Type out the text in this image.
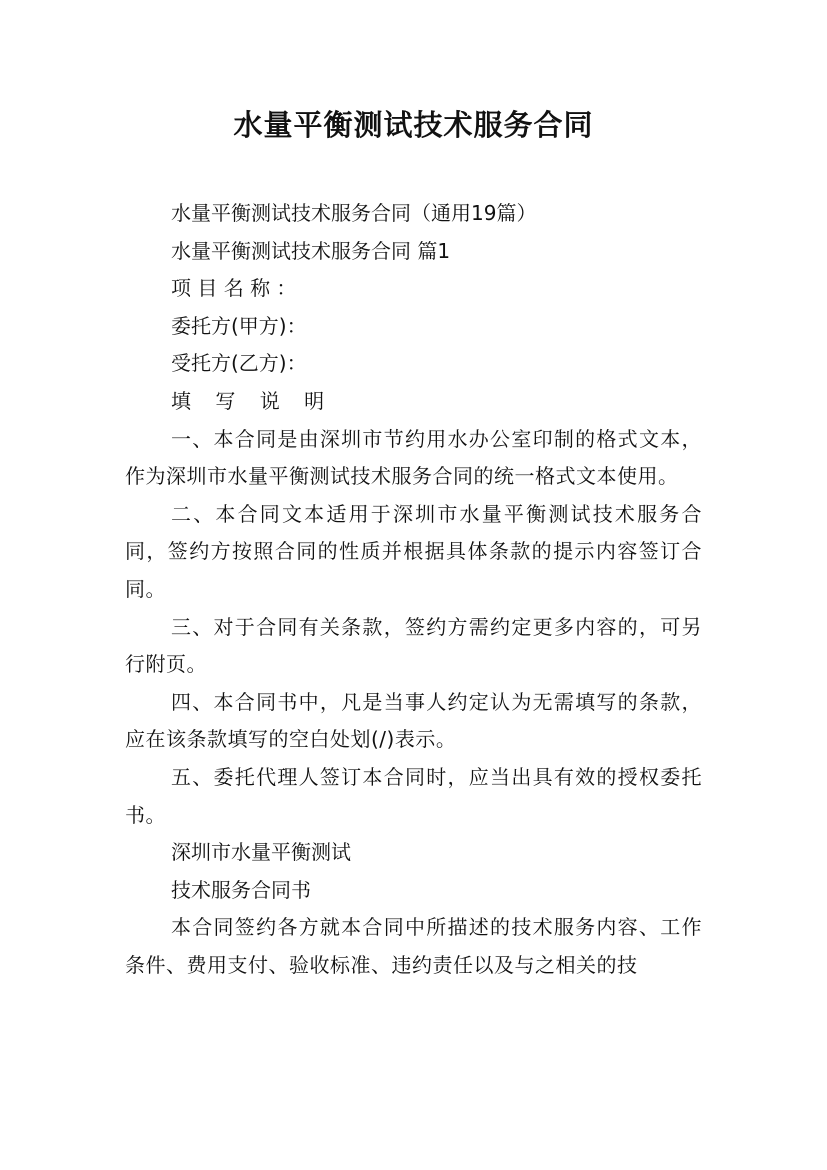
水量平衡测试技术服务合同
水量平衡测试技术服务合同（通用19篇）
水量平衡测试技术服务合同 篇1
项 目 名 称 ：
委托方(甲方)：
受托方(乙方)：
填 写 说 明
一、本合同是由深圳市节约用水办公室印制的格式文本，作为深圳市水量平衡测试技术服务合同的统一格式文本使用。
二、本合同文本适用于深圳市水量平衡测试技术服务合同，签约方按照合同的性质并根据具体条款的提示内容签订合同。
三、对于合同有关条款，签约方需约定更多内容的，可另行附页。
四、本合同书中，凡是当事人约定认为无需填写的条款，应在该条款填写的空白处划(/)表示。
五、委托代理人签订本合同时，应当出具有效的授权委托书。
深圳市水量平衡测试
技术服务合同书
本合同签约各方就本合同中所描述的技术服务内容、工作条件、费用支付、验收标准、违约责任以及与之相关的技
